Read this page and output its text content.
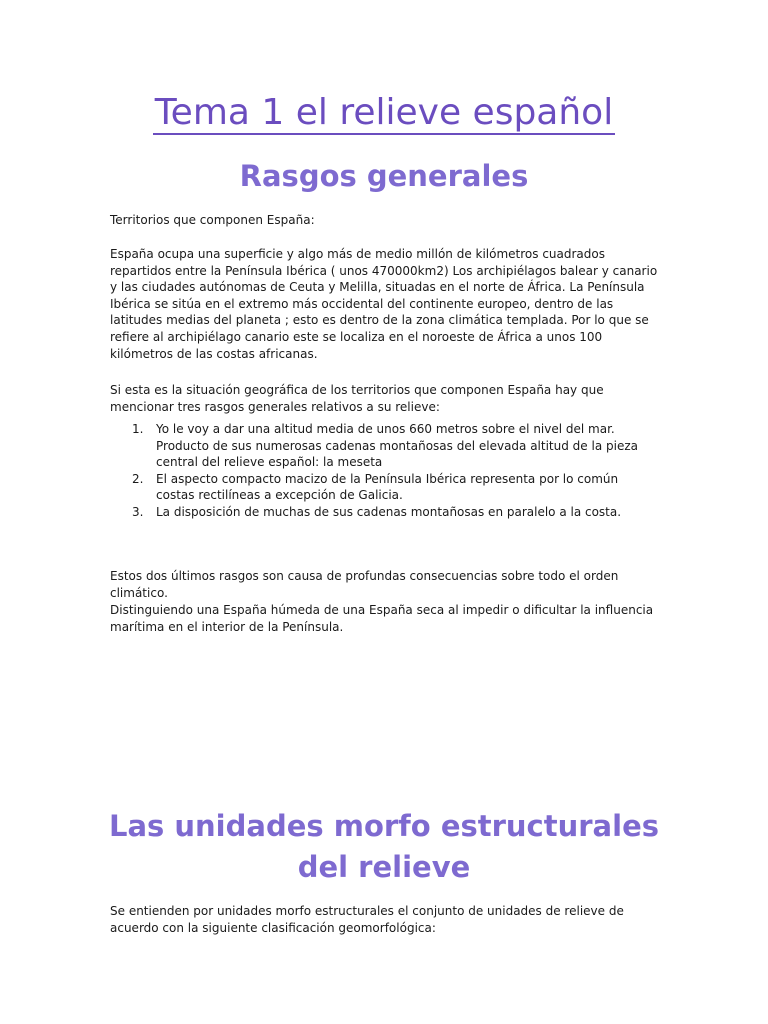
Tema 1 el relieve español
Rasgos generales

Territorios que componen España:

España ocupa una superficie y algo más de medio millón de kilómetros cuadrados repartidos entre la Península Ibérica ( unos 470000km2) Los archipiélagos balear y canario y las ciudades autónomas de Ceuta y Melilla, situadas en el norte de África. La Península Ibérica se sitúa en el extremo más occidental del continente europeo, dentro de las latitudes medias del planeta ; esto es dentro de la zona climática templada. Por lo que se refiere al archipiélago canario este se localiza en el noroeste de África a unos 100 kilómetros de las costas africanas.

Si esta es la situación geográfica de los territorios que componen España hay que mencionar tres rasgos generales relativos a su relieve:

1. Yo le voy a dar una altitud media de unos 660 metros sobre el nivel del mar. Producto de sus numerosas cadenas montañosas del elevada altitud de la pieza central del relieve español: la meseta
2. El aspecto compacto macizo de la Península Ibérica representa por lo común costas rectilíneas a excepción de Galicia.
3. La disposición de muchas de sus cadenas montañosas en paralelo a la costa.

Estos dos últimos rasgos son causa de profundas consecuencias sobre todo el orden climático.

Distinguiendo una España húmeda de una España seca al impedir o dificultar la influencia marítima en el interior de la Península.

Las unidades morfo estructurales
del relieve

Se entienden por unidades morfo estructurales el conjunto de unidades de relieve de acuerdo con la siguiente clasificación geomorfológica:
